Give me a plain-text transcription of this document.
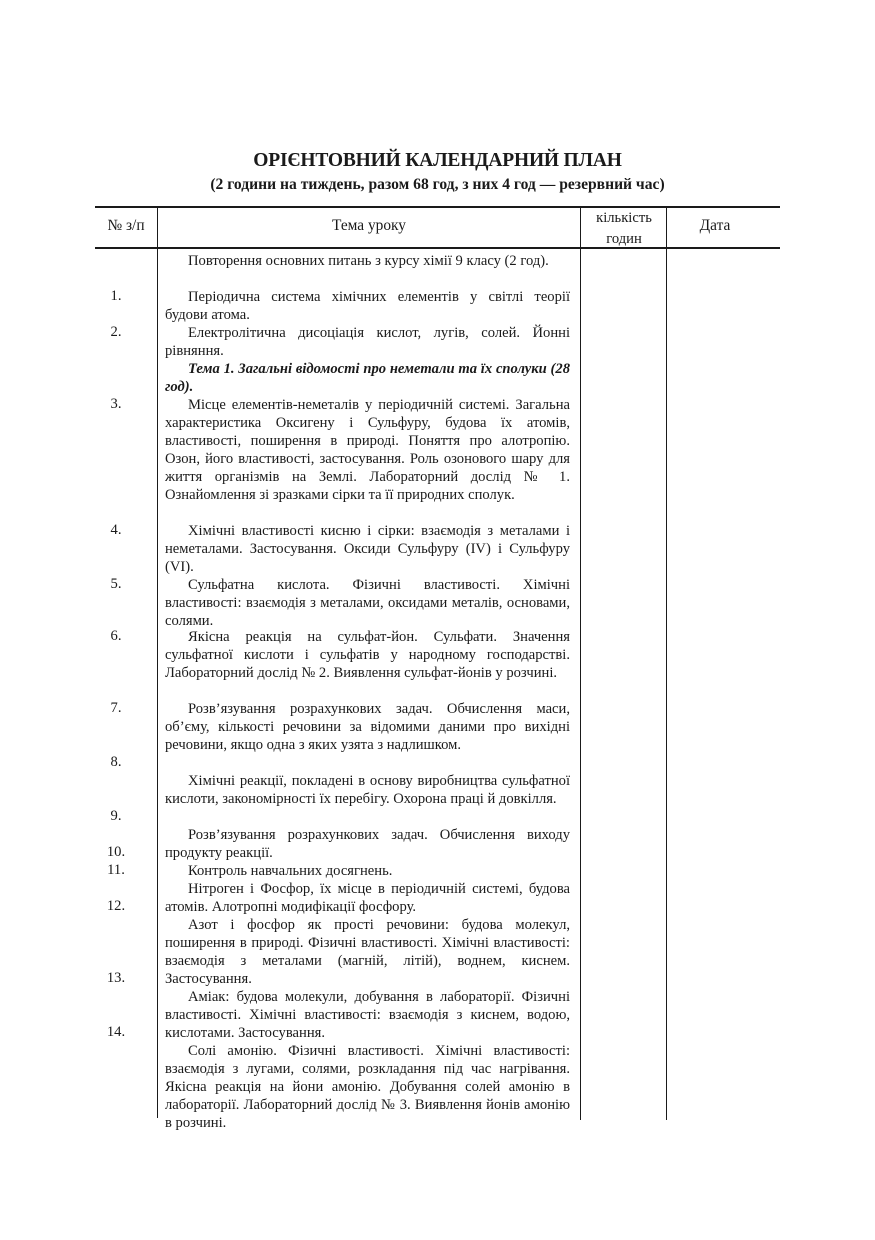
ОРІЄНТОВНИЙ КАЛЕНДАРНИЙ ПЛАН
(2 години на тиждень, разом 68 год, з них 4 год — резервний час)
№ з/п	Тема уроку	кількість годин
Дата
1.
2.
3.
4.
5.
6.
7.
8.
9.
10.
11.
12.
13.
14.
Повторення основних питань з курсу хімії 9 класу (2 год).
Періодична система хімічних елементів у світлі теорії будови атома.
Електролітична дисоціація кислот, лугів, солей. Йонні рівняння.
Тема 1. Загальні відомості про неметали та їх сполуки (28 год).
Місце елементів-неметалів у періодичній системі. Загальна характеристика Оксигену і Сульфуру, будова їх атомів, властивості, поширення в природі. Поняття про алотропію. Озон, його властивості, застосування. Роль озонового шару для життя організмів на Землі. Лабораторний дослід № 1. Ознайомлення зі зразками сірки та її природних сполук.
Хімічні властивості кисню і сірки: взаємодія з металами і неметалами. Застосування. Оксиди Сульфуру (IV) і Сульфуру (VI).
Сульфатна кислота. Фізичні властивості. Хімічні властивості: взаємодія з металами, оксидами металів, основами, солями.
Якісна реакція на сульфат-йон. Сульфати. Значення сульфатної кислоти і сульфатів у народному господарстві. Лабораторний дослід № 2. Виявлення сульфат-йонів у розчині.
Розв’язування розрахункових задач. Обчислення маси, об’єму, кількості речовини за відомими даними про вихідні речовини, якщо одна з яких узята з надлишком.
Хімічні реакції, покладені в основу виробництва сульфатної кислоти, закономірності їх перебігу. Охорона праці й довкілля.
Розв’язування розрахункових задач. Обчислення виходу продукту реакції.
Контроль навчальних досягнень.
Нітроген і Фосфор, їх місце в періодичній системі, будова атомів. Алотропні модифікації фосфору.
Азот і фосфор як прості речовини: будова молекул, поширення в природі. Фізичні властивості. Хімічні властивості: взаємодія з металами (магній, літій), воднем, киснем. Застосування.
Аміак: будова молекули, добування в лабораторії. Фізичні властивості. Хімічні властивості: взаємодія з киснем, водою, кислотами. Застосування.
Солі амонію. Фізичні властивості. Хімічні властивості: взаємодія з лугами, солями, розкладання під час нагрівання. Якісна реакція на йони амонію. Добування солей амонію в лабораторії. Лабораторний дослід № 3. Виявлення йонів амонію в розчині.
